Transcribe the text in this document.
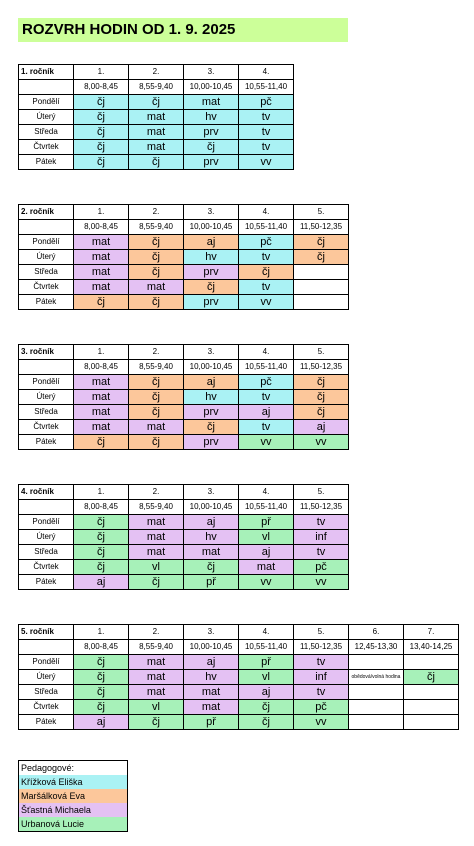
ROZVRH HODIN OD 1. 9. 2025
1. ročník	1.	2.	3.	4.
	8,00-8,45	8,55-9,40	10,00-10,45	10,55-11,40
Pondělí	čj	čj	mat	pč
Úterý	čj	mat	hv	tv
Středa	čj	mat	prv	tv
Čtvrtek	čj	mat	čj	tv
Pátek	čj	čj	prv	vv
2. ročník	1.	2.	3.	4.	5.
	8,00-8,45	8,55-9,40	10,00-10,45	10,55-11,40	11,50-12,35
Pondělí	mat	čj	aj	pč	čj
Úterý	mat	čj	hv	tv	čj
Středa	mat	čj	prv	čj	
Čtvrtek	mat	mat	čj	tv	
Pátek	čj	čj	prv	vv	
3. ročník	1.	2.	3.	4.	5.
	8,00-8,45	8,55-9,40	10,00-10,45	10,55-11,40	11,50-12,35
Pondělí	mat	čj	aj	pč	čj
Úterý	mat	čj	hv	tv	čj
Středa	mat	čj	prv	aj	čj
Čtvrtek	mat	mat	čj	tv	aj
Pátek	čj	čj	prv	vv	vv
4. ročník	1.	2.	3.	4.	5.
	8,00-8,45	8,55-9,40	10,00-10,45	10,55-11,40	11,50-12,35
Pondělí	čj	mat	aj	př	tv
Úterý	čj	mat	hv	vl	inf
Středa	čj	mat	mat	aj	tv
Čtvrtek	čj	vl	čj	mat	pč
Pátek	aj	čj	př	vv	vv
5. ročník	1.	2.	3.	4.	5.	6.	7.
	8,00-8,45	8,55-9,40	10,00-10,45	10,55-11,40	11,50-12,35	12,45-13,30	13,40-14,25
Pondělí	čj	mat	aj	př	tv		
Úterý	čj	mat	hv	vl	inf	obědová/volná hodina	čj
Středa	čj	mat	mat	aj	tv		
Čtvrtek	čj	vl	mat	čj	pč		
Pátek	aj	čj	př	čj	vv		
Pedagogové:
Křížková Eliška
Maršálková Eva
Šťastná Michaela
Urbanová Lucie
